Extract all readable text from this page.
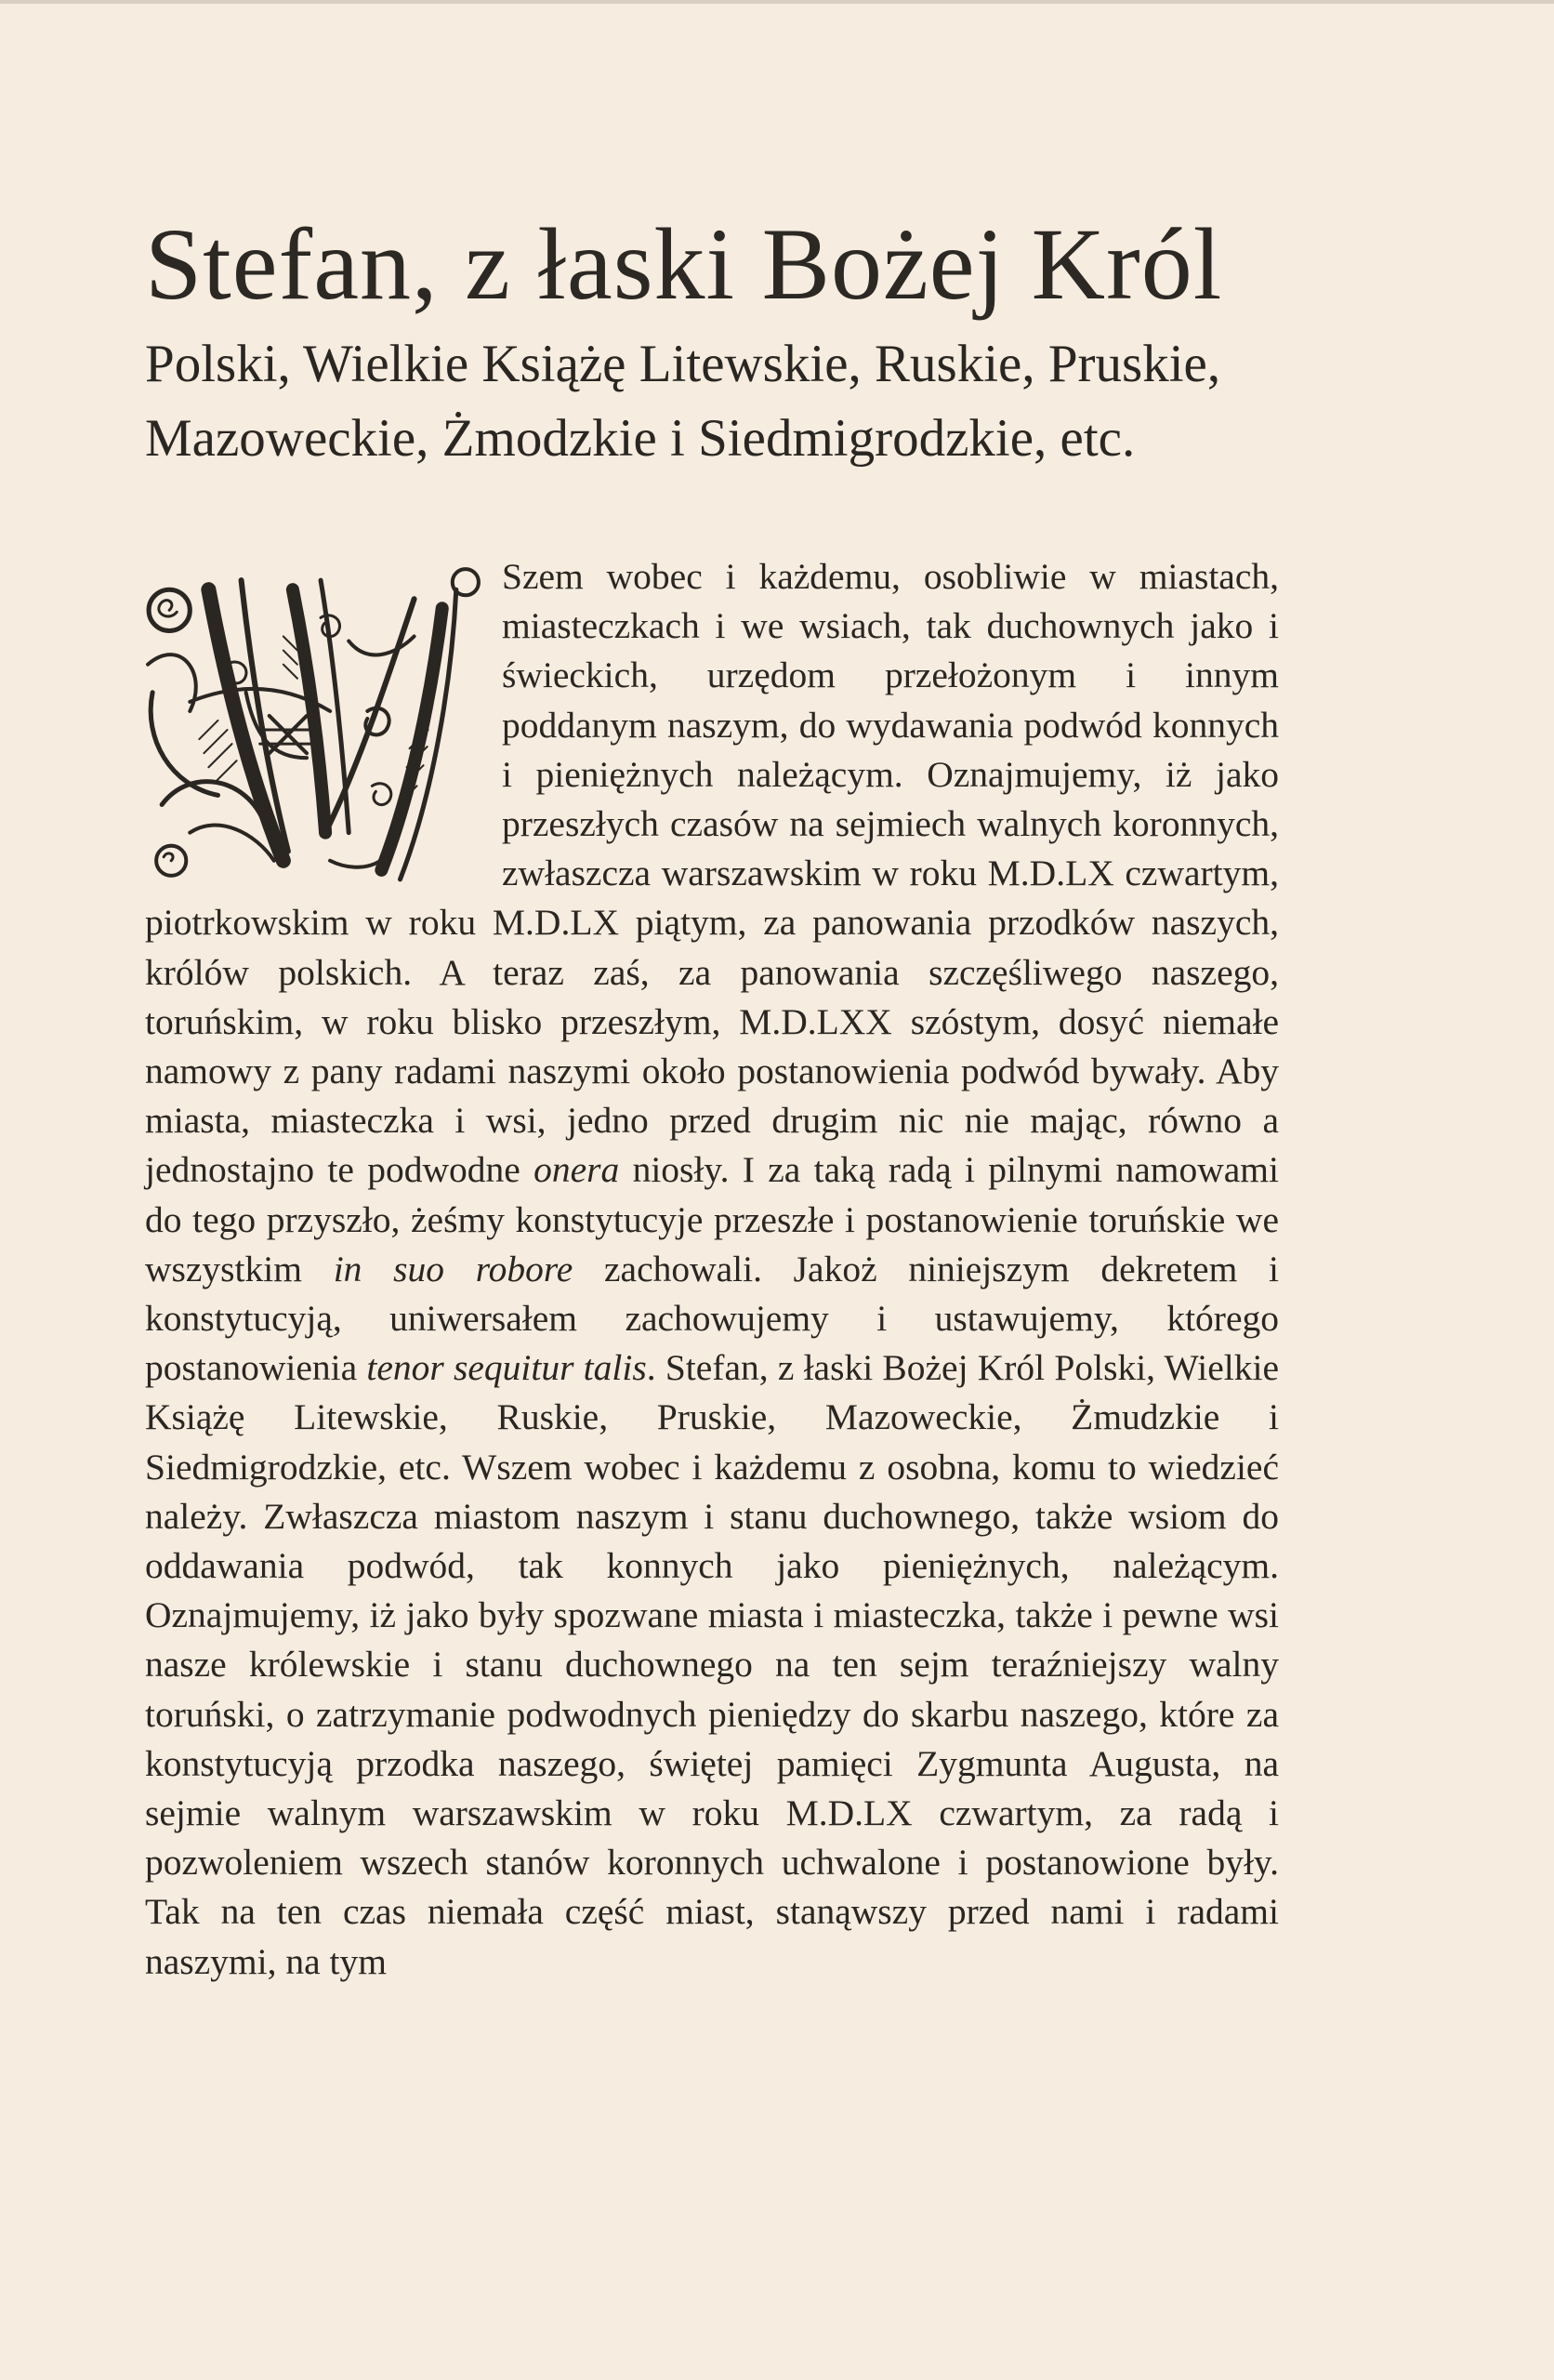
Stefan, z łaski Bożej Król
Polski, Wielkie Książę Litewskie, Ruskie, Pruskie,
Mazoweckie, Żmodzkie i Siedmigrodzkie, etc.

Szem wobec i każdemu, osobliwie w miastach, miasteczkach i we wsiach, tak duchownych jako i świeckich, urzędom przełożonym i innym poddanym naszym, do wydawania podwód konnych i pieniężnych należącym. Oznajmujemy, iż jako przeszłych czasów na sejmiech walnych koronnych, zwłaszcza warszawskim w roku M.D.LX czwartym, piotrkowskim w roku M.D.LX piątym, za panowania przodków naszych, królów polskich. A teraz zaś, za panowania szczęśliwego naszego, toruńskim, w roku blisko przeszłym, M.D.LXX szóstym, dosyć niemałe namowy z pany radami naszymi około postanowienia podwód bywały. Aby miasta, miasteczka i wsi, jedno przed drugim nic nie mając, równo a jednostajno te podwodne onera niosły. I za taką radą i pilnymi namowami do tego przyszło, żeśmy konstytucyje przeszłe i postanowienie toruńskie we wszystkim in suo robore zachowali. Jakoż niniejszym dekretem i konstytucyją, uniwersałem zachowujemy i ustawujemy, którego postanowienia tenor sequitur talis. Stefan, z łaski Bożej Król Polski, Wielkie Książę Litewskie, Ruskie, Pruskie, Mazoweckie, Żmudzkie i Siedmigrodzkie, etc. Wszem wobec i każdemu z osobna, komu to wiedzieć należy. Zwłaszcza miastom naszym i stanu duchownego, także wsiom do oddawania podwód, tak konnych jako pieniężnych, należącym. Oznajmujemy, iż jako były spozwane miasta i miasteczka, także i pewne wsi nasze królewskie i stanu duchownego na ten sejm teraźniejszy walny toruński, o zatrzymanie podwodnych pieniędzy do skarbu naszego, które za konstytucyją przodka naszego, świętej pamięci Zygmunta Augusta, na sejmie walnym warszawskim w roku M.D.LX czwartym, za radą i pozwoleniem wszech stanów koronnych uchwalone i postanowione były. Tak na ten czas niemała część miast, stanąwszy przed nami i radami naszymi, na tym
